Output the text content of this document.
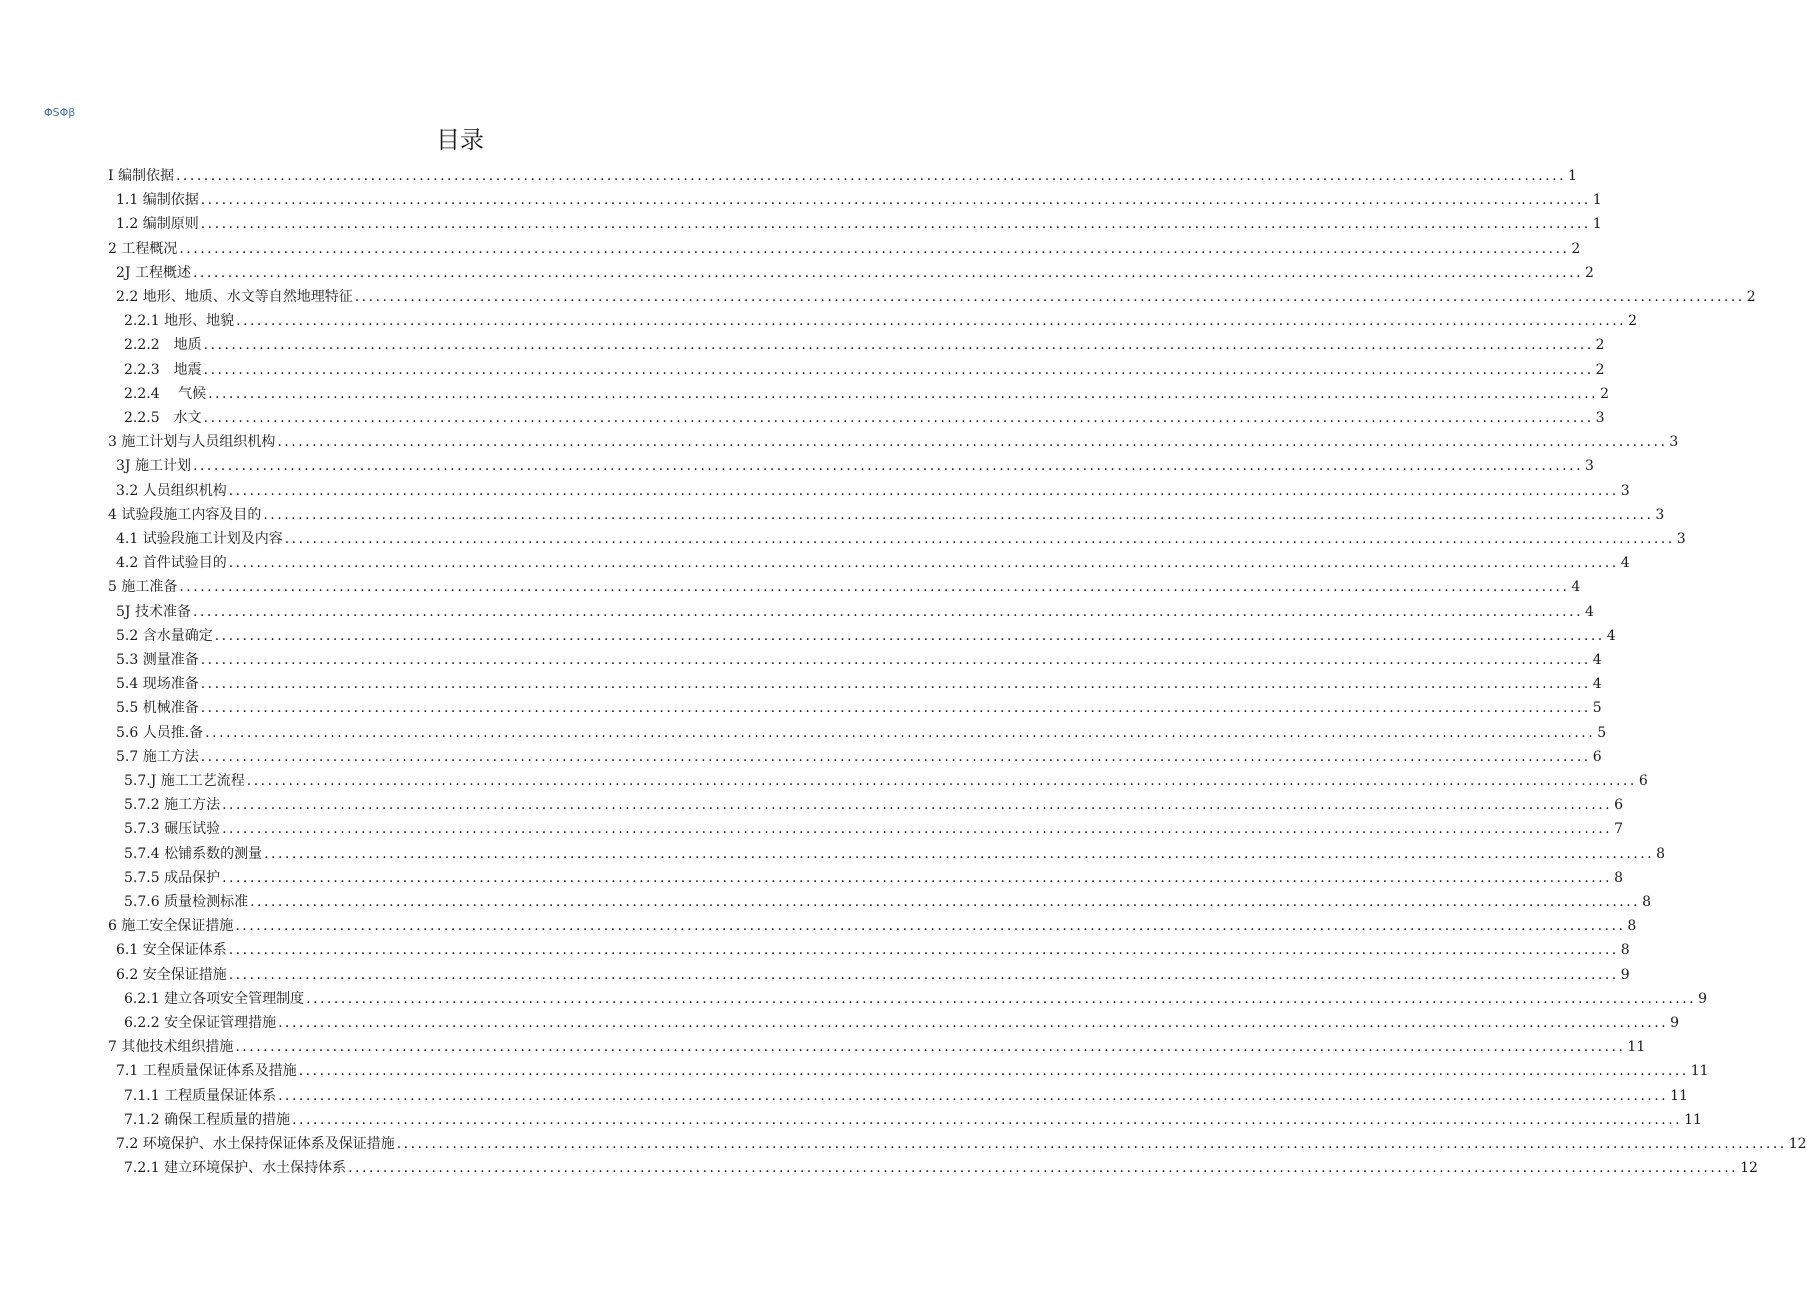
ΦSΦβ
目录
I 编制依据 ........................................................................................................................................................................................................ 1
1.1 编制依据 ........................................................................................................................................................................................................ 1
1.2 编制原则 ........................................................................................................................................................................................................ 1
2 工程概况 ........................................................................................................................................................................................................ 2
2J 工程概述 ........................................................................................................................................................................................................ 2
2.2 地形、地质、水文等自然地理特征 ........................................................................................................................................................................................................ 2
2.2.1 地形、地貌 ........................................................................................................................................................................................................ 2
2.2.2　地质 ........................................................................................................................................................................................................ 2
2.2.3　地震 ........................................................................................................................................................................................................ 2
2.2.4　 气候 ........................................................................................................................................................................................................ 2
2.2.5　水文 ........................................................................................................................................................................................................ 3
3 施工计划与人员组织机构 ........................................................................................................................................................................................................ 3
3J 施工计划 ........................................................................................................................................................................................................ 3
3.2 人员组织机构 ........................................................................................................................................................................................................ 3
4 试验段施工内容及目的 ........................................................................................................................................................................................................ 3
4.1 试验段施工计划及内容 ........................................................................................................................................................................................................ 3
4.2 首件试验目的 ........................................................................................................................................................................................................ 4
5 施工准备 ........................................................................................................................................................................................................ 4
5J 技术准备 ........................................................................................................................................................................................................ 4
5.2 含水量确定 ........................................................................................................................................................................................................ 4
5.3 测量准备 ........................................................................................................................................................................................................ 4
5.4 现场准备 ........................................................................................................................................................................................................ 4
5.5 机械准备 ........................................................................................................................................................................................................ 5
5.6 人员推.备 ........................................................................................................................................................................................................ 5
5.7 施工方法 ........................................................................................................................................................................................................ 6
5.7.J 施工工艺流程 ........................................................................................................................................................................................................ 6
5.7.2 施工方法 ........................................................................................................................................................................................................ 6
5.7.3 碾压试验 ........................................................................................................................................................................................................ 7
5.7.4 松铺系数的测量 ........................................................................................................................................................................................................ 8
5.7.5 成品保护 ........................................................................................................................................................................................................ 8
5.7.6 质量检测标准 ........................................................................................................................................................................................................ 8
6 施工安全保证措施 ........................................................................................................................................................................................................ 8
6.1 安全保证体系 ........................................................................................................................................................................................................ 8
6.2 安全保证措施 ........................................................................................................................................................................................................ 9
6.2.1 建立各项安全管理制度 ........................................................................................................................................................................................................ 9
6.2.2 安全保证管理措施 ........................................................................................................................................................................................................ 9
7 其他技术组织措施 ........................................................................................................................................................................................................ 11
7.1 工程质量保证体系及措施 ........................................................................................................................................................................................................ 11
7.1.1 工程质量保证体系 ........................................................................................................................................................................................................ 11
7.1.2 确保工程质量的措施 ........................................................................................................................................................................................................ 11
7.2 环境保护、水土保持保证体系及保证措施 ........................................................................................................................................................................................................ 12
7.2.1 建立环境保护、水土保持体系 ........................................................................................................................................................................................................ 12
